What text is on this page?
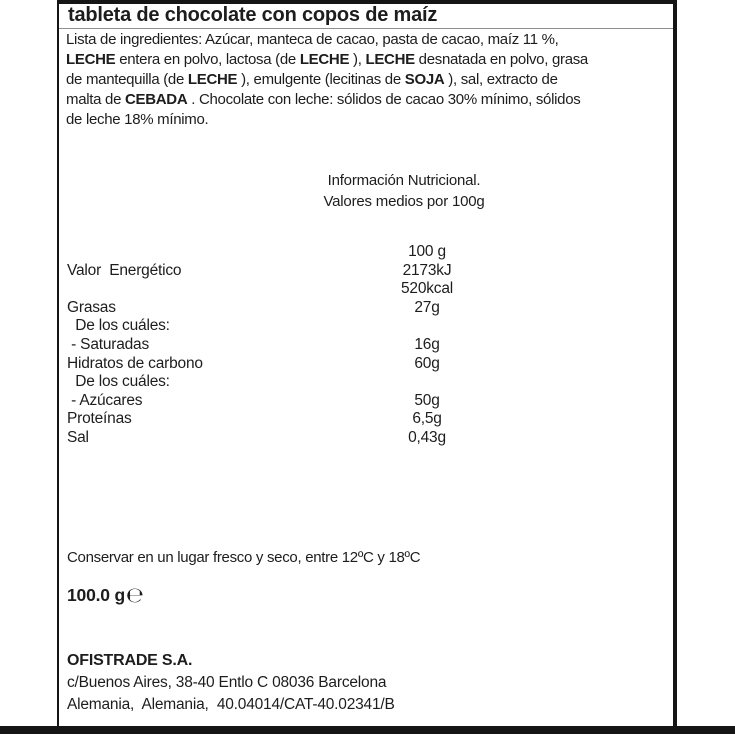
tableta de chocolate con copos de maíz
Lista de ingredientes: Azúcar, manteca de cacao, pasta de cacao, maíz 11 %,
LECHE entera en polvo, lactosa (de LECHE ), LECHE desnatada en polvo, grasa
de mantequilla (de LECHE ), emulgente (lecitinas de SOJA ), sal, extracto de
malta de CEBADA . Chocolate con leche: sólidos de cacao 30% mínimo, sólidos
de leche 18% mínimo.
Información Nutricional.
Valores medios por 100g
100 g
Valor  Energético	2173kJ
520kcal
Grasas	27g
De los cuáles:
- Saturadas	16g
Hidratos de carbono	60g
De los cuáles:
- Azúcares	50g
Proteínas	6,5g
Sal	0,43g
Conservar en un lugar fresco y seco, entre 12ºC y 18ºC
100.0 g℮
OFISTRADE S.A.
c/Buenos Aires, 38-40 Entlo C 08036 Barcelona
Alemania,  Alemania,  40.04014/CAT-40.02341/B
